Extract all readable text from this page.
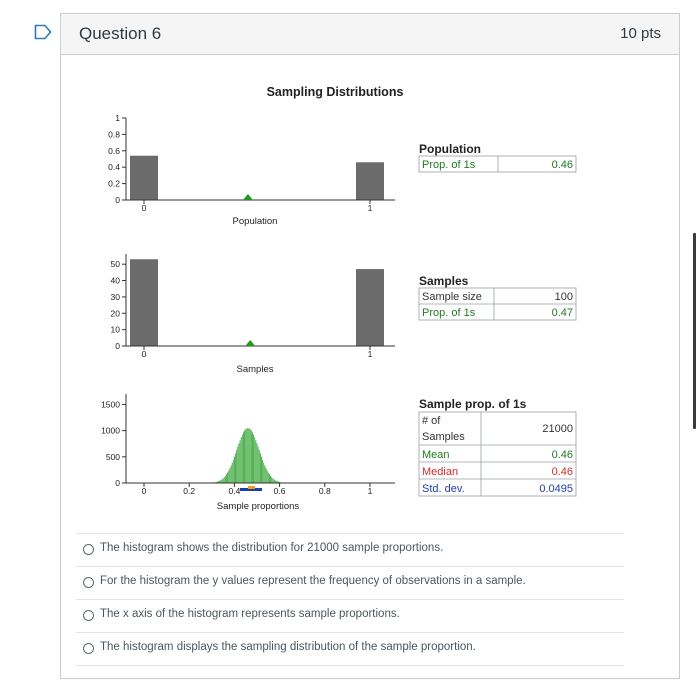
Question 6	10 pts
Sampling Distributions
0
0.2
0.4
0.6
0.8
1
0	1
Population
0
10
20
30
40
50
0	1
Samples
0
500
1000
1500
0	0.2	0.4	0.6	0.8	1
Sample proportions
Population
Prop. of 1s	0.46
Samples
Sample size	100
Prop. of 1s	0.47
Sample prop. of 1s
# of
Samples
21000
Mean	0.46
Median	0.46
Std. dev.	0.0495
The histogram shows the distribution for 21000 sample proportions.
For the histogram the y values represent the frequency of observations in a sample.
The x axis of the histogram represents sample proportions.
The histogram displays the sampling distribution of the sample proportion.
